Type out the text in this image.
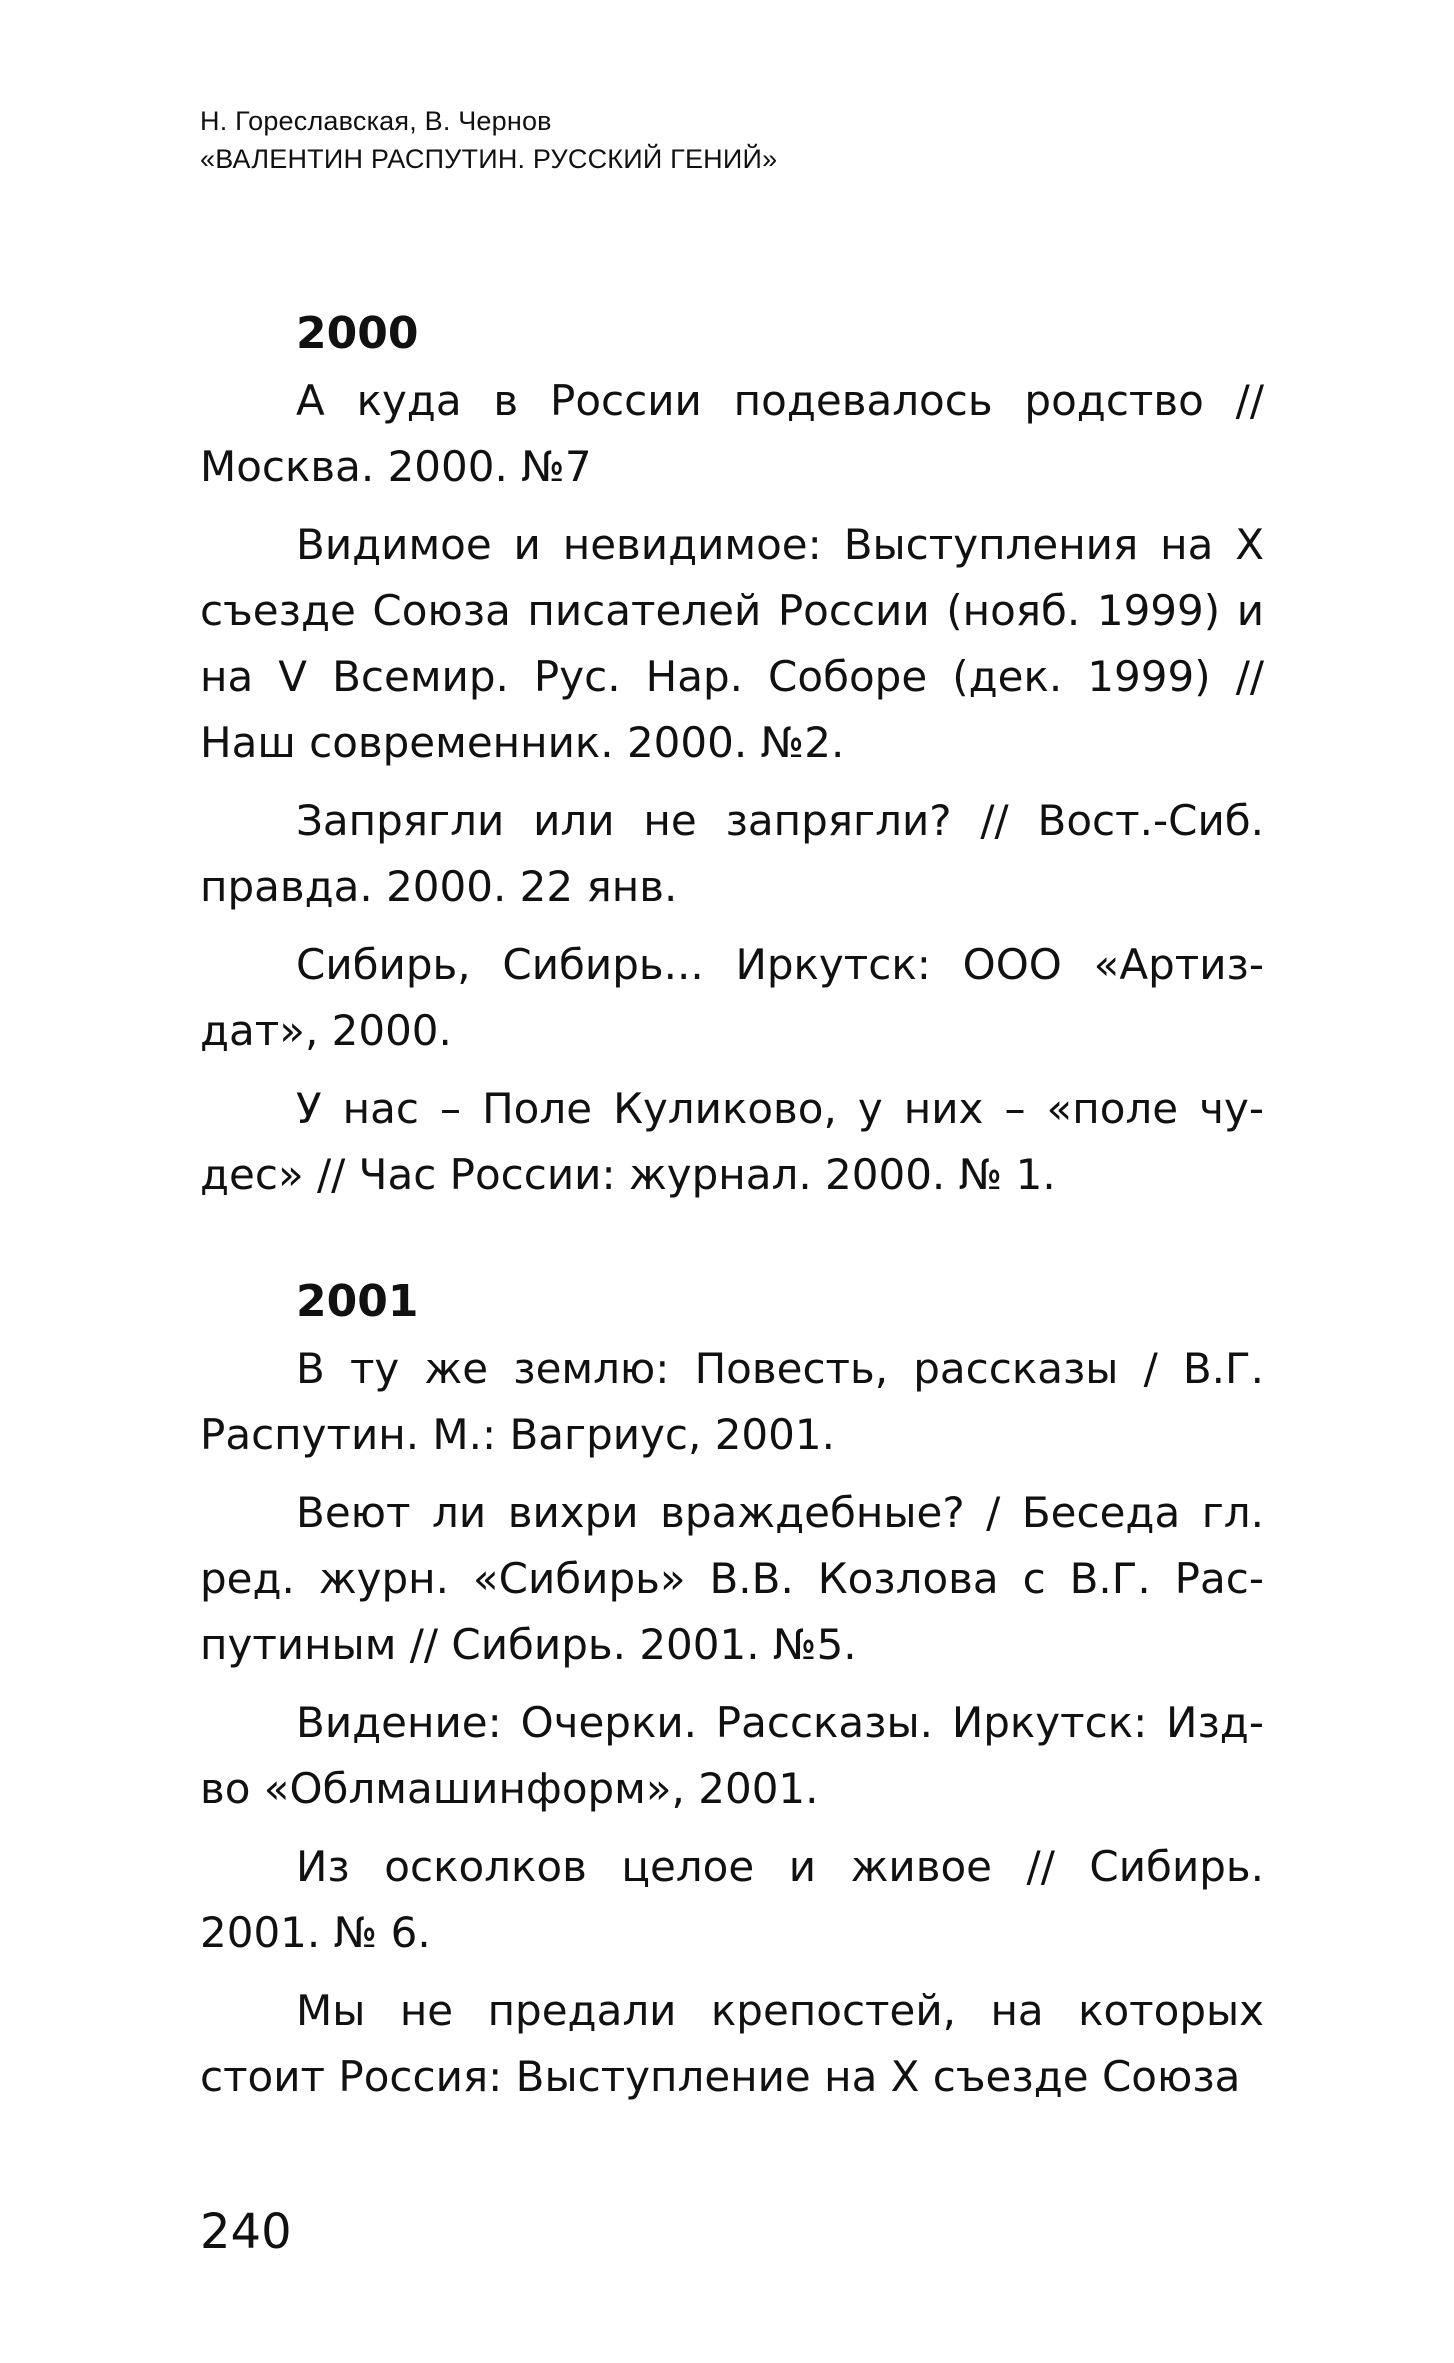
Н. Гореславская, В. Чернов
«ВАЛЕНТИН РАСПУТИН. РУССКИЙ ГЕНИЙ»
2000

А куда в России подевалось родство // Москва. 2000. №7

Видимое и невидимое: Выступления на Х съезде Союза писателей России (нояб. 1999) и на V Всемир. Рус. Нар. Соборе (дек. 1999) // Наш современник. 2000. №2.

Запрягли или не запрягли? // Вост.-Сиб. правда. 2000. 22 янв.

Сибирь, Сибирь... Иркутск: ООО «Артиздат», 2000.

У нас – Поле Куликово, у них – «поле чудес» // Час России: журнал. 2000. № 1.

2001

В ту же землю: Повесть, рассказы / В.Г. Распутин. М.: Вагриус, 2001.

Веют ли вихри враждебные? / Беседа гл. ред. журн. «Сибирь» В.В. Козлова с В.Г. Распутиным // Сибирь. 2001. №5.

Видение: Очерки. Рассказы. Иркутск: Издво «Облмашинформ», 2001.

Из осколков целое и живое // Сибирь. 2001. № 6.

Мы не предали крепостей, на которых стоит Россия: Выступление на Х съезде Союза

240
